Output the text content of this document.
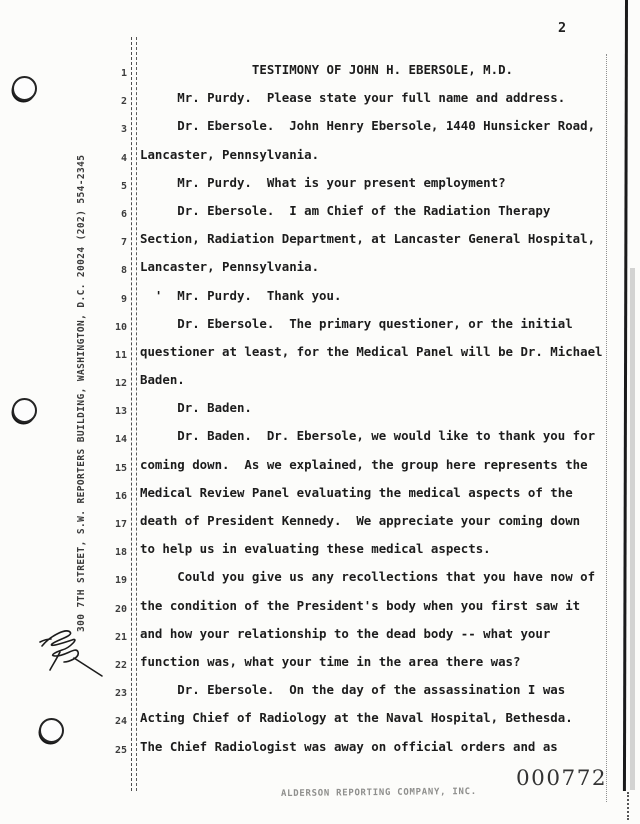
2
300 7TH STREET, S.W. REPORTERS BUILDING, WASHINGTON, D.C. 20024 (202) 554-2345
1 TESTIMONY OF JOHN H. EBERSOLE, M.D.
2 Mr. Purdy.  Please state your full name and address.
3 Dr. Ebersole.  John Henry Ebersole, 1440 Hunsicker Road,
4 Lancaster, Pennsylvania.
5 Mr. Purdy.  What is your present employment?
6 Dr. Ebersole.  I am Chief of the Radiation Therapy
7 Section, Radiation Department, at Lancaster General Hospital,
8 Lancaster, Pennsylvania.
9 '  Mr. Purdy.  Thank you.
10 Dr. Ebersole.  The primary questioner, or the initial
11 questioner at least, for the Medical Panel will be Dr. Michael
12 Baden.
13 Dr. Baden.
14 Dr. Baden.  Dr. Ebersole, we would like to thank you for
15 coming down.  As we explained, the group here represents the
16 Medical Review Panel evaluating the medical aspects of the
17 death of President Kennedy.  We appreciate your coming down
18 to help us in evaluating these medical aspects.
19 Could you give us any recollections that you have now of
20 the condition of the President's body when you first saw it
21 and how your relationship to the dead body -- what your
22 function was, what your time in the area there was?
23 Dr. Ebersole.  On the day of the assassination I was
24 Acting Chief of Radiology at the Naval Hospital, Bethesda.
25 The Chief Radiologist was away on official orders and as
ALDERSON REPORTING COMPANY, INC.
000772
